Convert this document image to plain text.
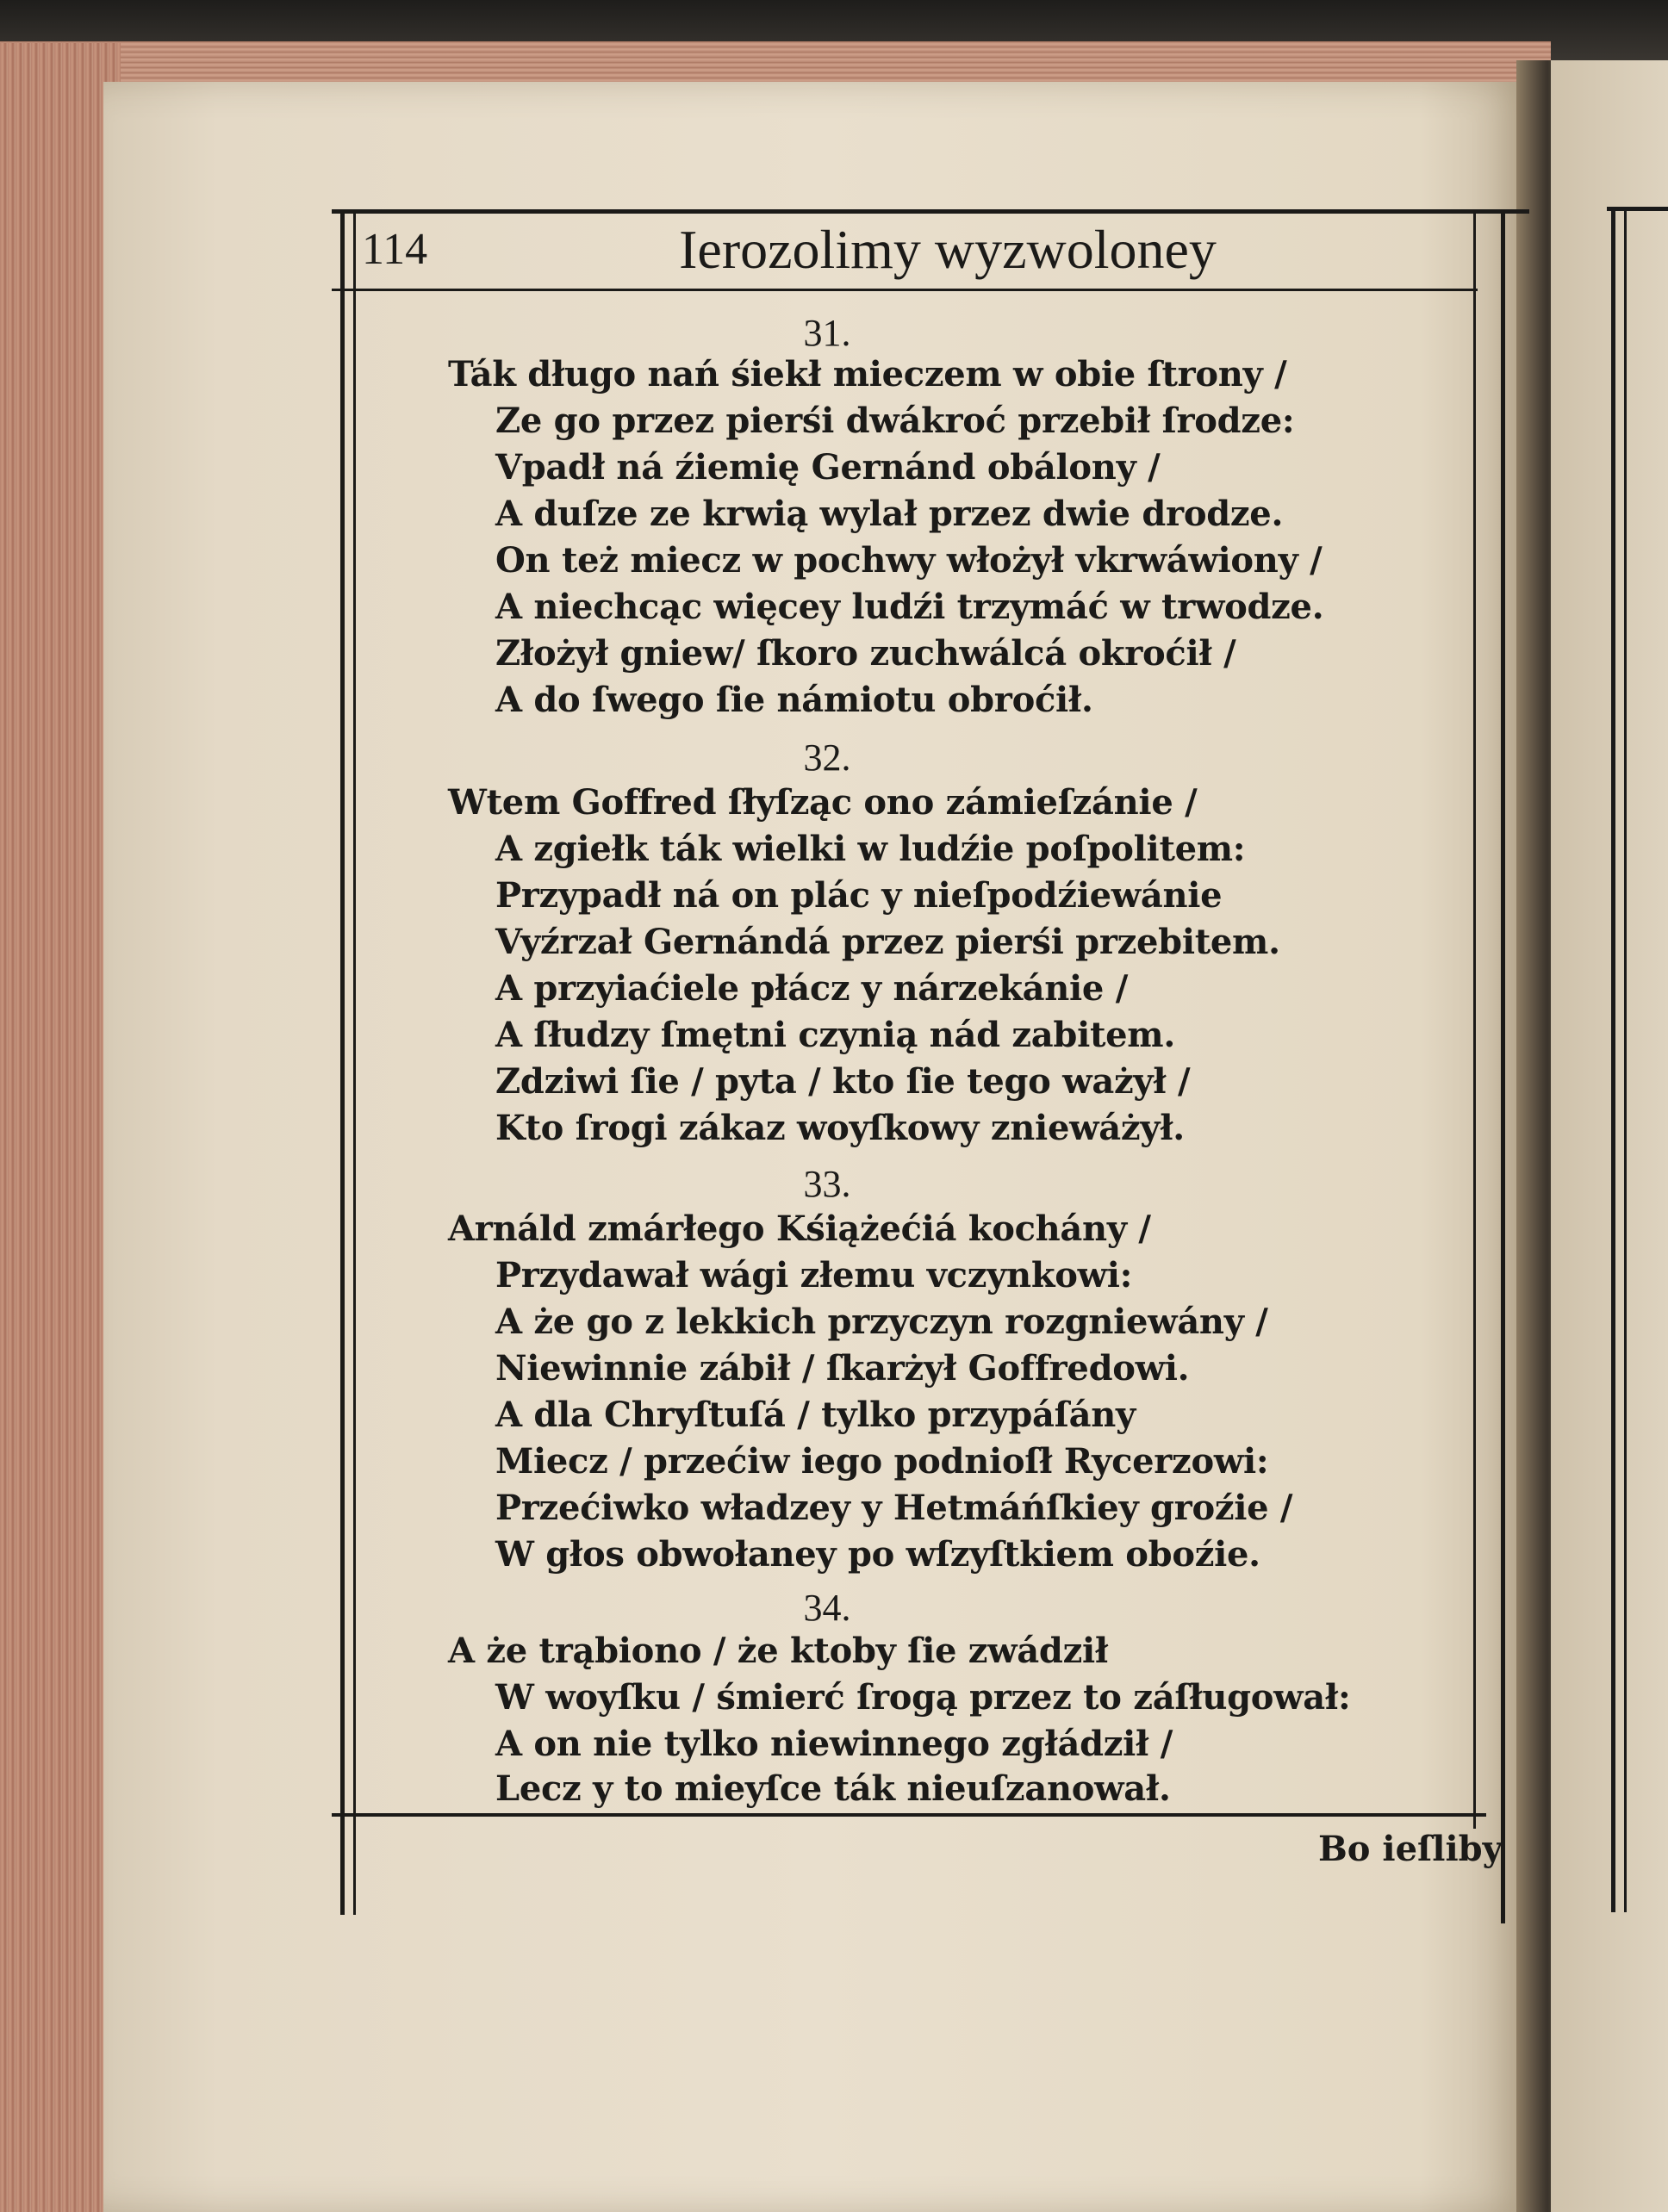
114	Ierozolimy wyzwoloney
31.
Ták długo nań śiekł mieczem w obie ſtrony /
Ze go przez pierśi dwákroć przebił ſrodze:
Vpadł ná źiemię Gernánd obálony /
A duſze ze krwią wylał przez dwie drodze.
On też miecz w pochwy włożył vkrwáwiony /
A niechcąc więcey ludźi trzymáć w trwodze.
Złożył gniew/ ſkoro zuchwálcá okroćił /
A do ſwego ſie námiotu obroćił.
32.
Wtem Goffred ſłyſząc ono zámieſzánie /
A zgiełk ták wielki w ludźie poſpolitem:
Przypadł ná on plác y nieſpodźiewánie
Vyźrzał Gernándá przez pierśi przebitem.
A przyiaćiele płácz y nárzekánie /
A ſłudzy ſmętni czynią nád zabitem.
Zdziwi ſie / pyta / kto ſie tego ważył /
Kto ſrogi zákaz woyſkowy zniewáżył.
33.
Arnáld zmárłego Kśiążećiá kochány /
Przydawał wági złemu vczynkowi:
A że go z lekkich przyczyn rozgniewány /
Niewinnie zábił / ſkarżył Goffredowi.
A dla Chryſtuſá / tylko przypáſány
Miecz / przećiw iego podnioſł Rycerzowi:
Przećiwko władzey y Hetmáńſkiey groźie /
W głos obwołaney po wſzyſtkiem oboźie.
34.
A że trąbiono / że ktoby ſie zwádził
W woyſku / śmierć ſrogą przez to záſługował:
A on nie tylko niewinnego zgłádził /
Lecz y to mieyſce ták nieuſzanował.
Bo ieſliby
